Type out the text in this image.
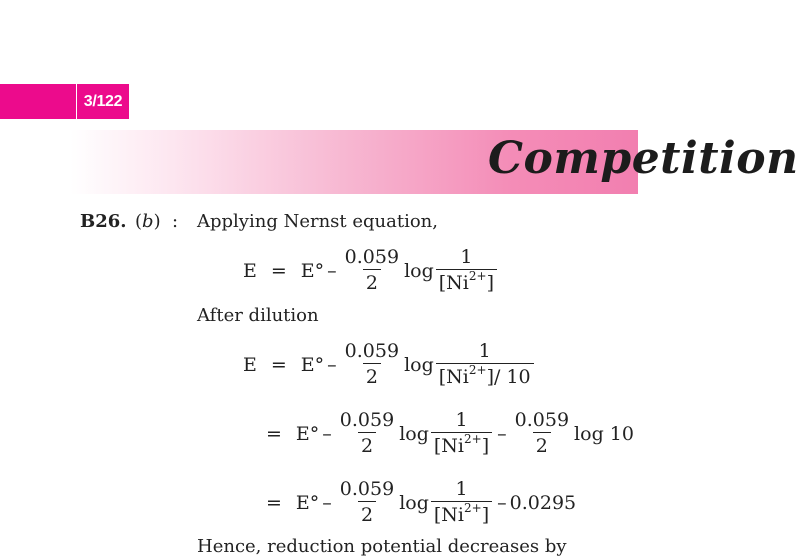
3/122
Competition
B26. (b) : Applying Nernst equation,
$E = E^\circ - \frac{0.059}{2}$ $\log \frac{1}{[Ni^{2+}]}$
After dilution
$E = E^\circ - \frac{0.059}{2}$ $\log \frac{1}{[Ni^{2+}]/ 10}$
= $E^\circ - \frac{0.059}{2}$ $\log \frac{1}{[Ni^{2+}]} - \frac{0.059}{2}$ log 10
= $E^\circ - \frac{0.059}{2}$ $\log \frac{1}{[Ni^{2+}]} - 0.0295$
Hence, reduction potential decreases by
